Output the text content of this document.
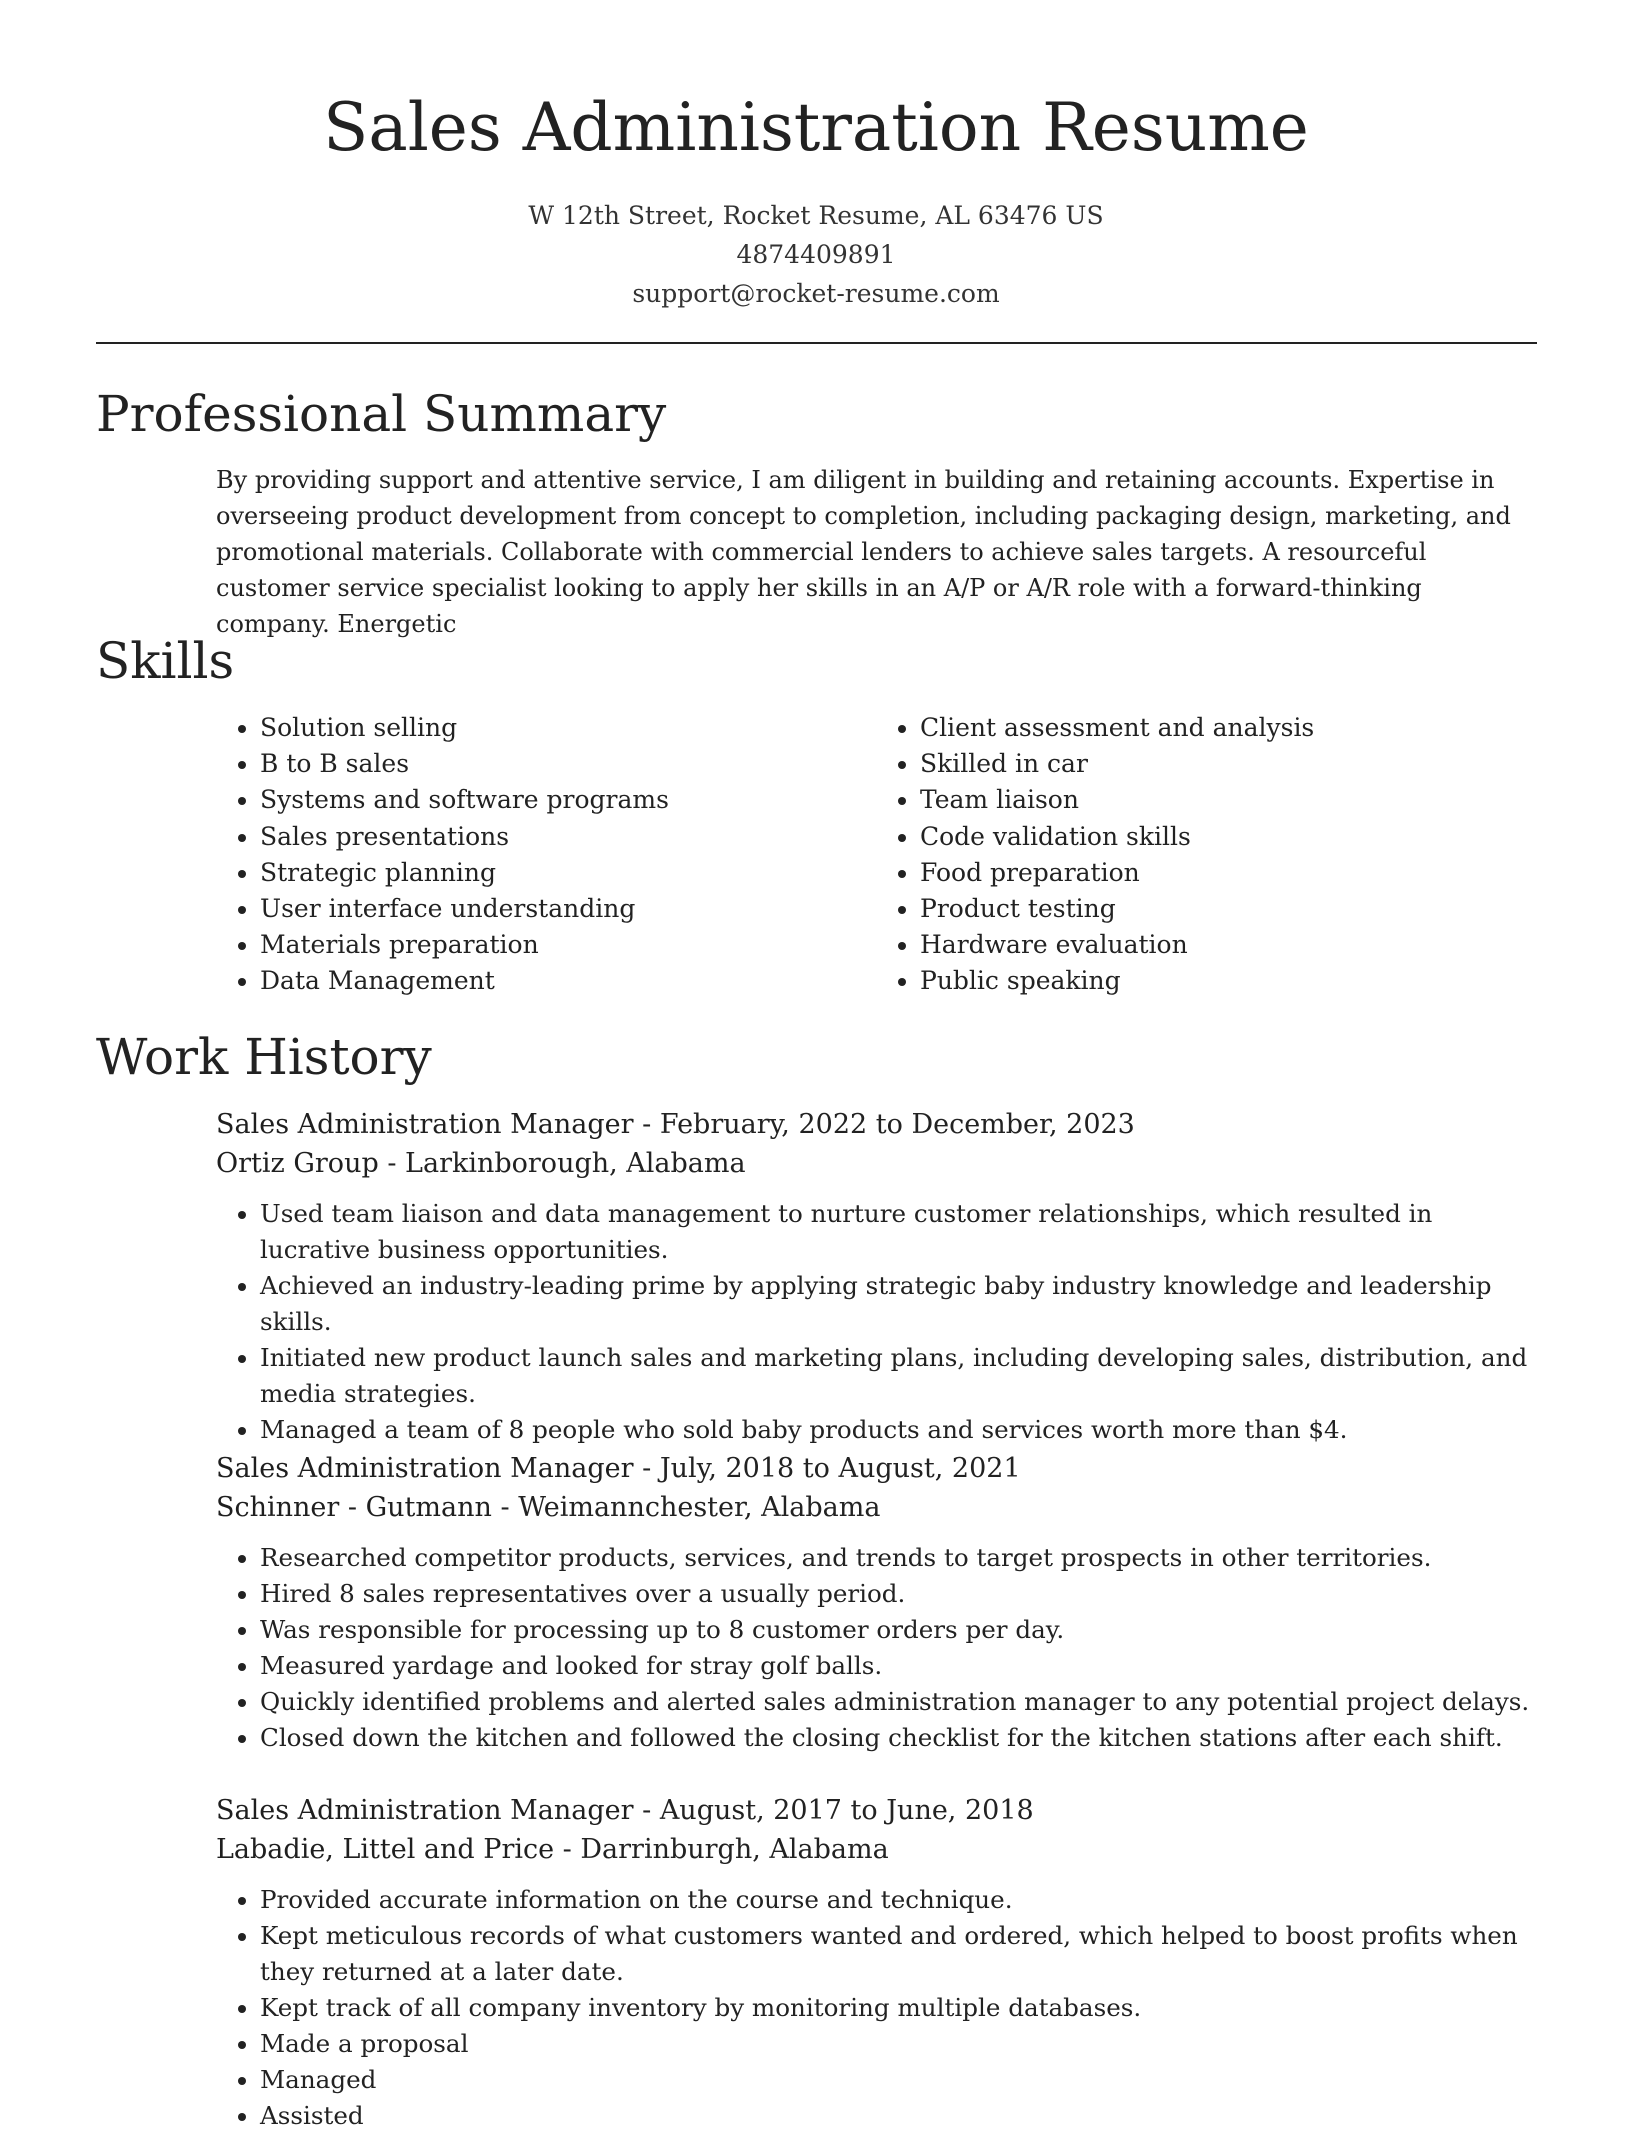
Sales Administration Resume
W 12th Street, Rocket Resume, AL 63476 US
4874409891
support@rocket-resume.com
Professional Summary
By providing support and attentive service, I am diligent in building and retaining accounts. Expertise in overseeing product development from concept to completion, including packaging design, marketing, and promotional materials. Collaborate with commercial lenders to achieve sales targets. A resourceful customer service specialist looking to apply her skills in an A/P or A/R role with a forward-thinking company. Energetic
Skills
• Solution selling
• B to B sales
• Systems and software programs
• Sales presentations
• Strategic planning
• User interface understanding
• Materials preparation
• Data Management
• Client assessment and analysis
• Skilled in car
• Team liaison
• Code validation skills
• Food preparation
• Product testing
• Hardware evaluation
• Public speaking
Work History
Sales Administration Manager - February, 2022 to December, 2023
Ortiz Group - Larkinborough, Alabama
• Used team liaison and data management to nurture customer relationships, which resulted in lucrative business opportunities.
• Achieved an industry-leading prime by applying strategic baby industry knowledge and leadership skills.
• Initiated new product launch sales and marketing plans, including developing sales, distribution, and media strategies.
• Managed a team of 8 people who sold baby products and services worth more than $4.
Sales Administration Manager - July, 2018 to August, 2021
Schinner - Gutmann - Weimannchester, Alabama
• Researched competitor products, services, and trends to target prospects in other territories.
• Hired 8 sales representatives over a usually period.
• Was responsible for processing up to 8 customer orders per day.
• Measured yardage and looked for stray golf balls.
• Quickly identified problems and alerted sales administration manager to any potential project delays.
• Closed down the kitchen and followed the closing checklist for the kitchen stations after each shift.
Sales Administration Manager - August, 2017 to June, 2018
Labadie, Littel and Price - Darrinburgh, Alabama
• Provided accurate information on the course and technique.
• Kept meticulous records of what customers wanted and ordered, which helped to boost profits when they returned at a later date.
• Kept track of all company inventory by monitoring multiple databases.
• Made a proposal
• Managed
• Assisted
